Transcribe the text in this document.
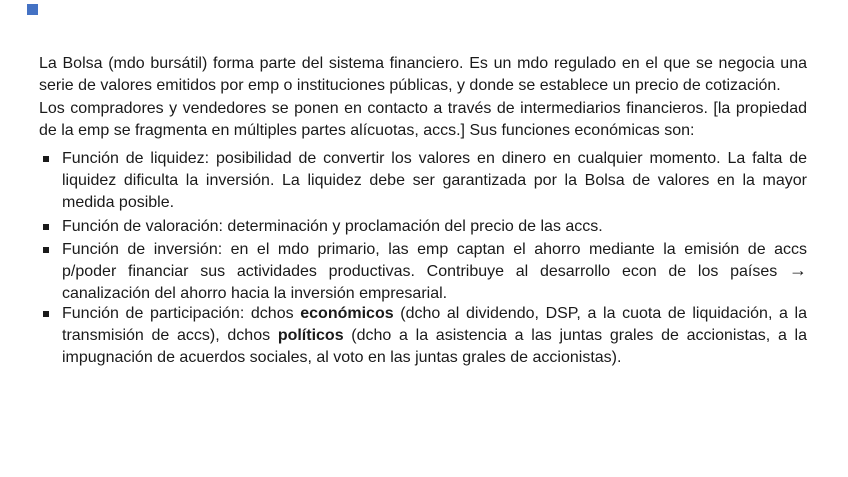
La Bolsa (mdo bursátil) forma parte del sistema financiero. Es un mdo regulado en el que se negocia una
serie de valores emitidos por emp o instituciones públicas, y donde se establece un precio de cotización.
Los compradores y vendedores se ponen en contacto a través de intermediarios financieros. [la propiedad
de la emp se fragmenta en múltiples partes alícuotas, accs.] Sus funciones económicas son:
Función de liquidez: posibilidad de convertir los valores en dinero en cualquier momento. La falta de
liquidez dificulta la inversión. La liquidez debe ser garantizada por la Bolsa de valores en la mayor
medida posible.
Función de valoración: determinación y proclamación del precio de las accs.
Función de inversión: en el mdo primario, las emp captan el ahorro mediante la emisión de accs
p/poder financiar sus actividades productivas. Contribuye al desarrollo econ de los países →
canalización del ahorro hacia la inversión empresarial.
Función de participación: dchos económicos (dcho al dividendo, DSP, a la cuota de liquidación, a la
transmisión de accs), dchos políticos (dcho a la asistencia a las juntas grales de accionistas, a la
impugnación de acuerdos sociales, al voto en las juntas grales de accionistas).
